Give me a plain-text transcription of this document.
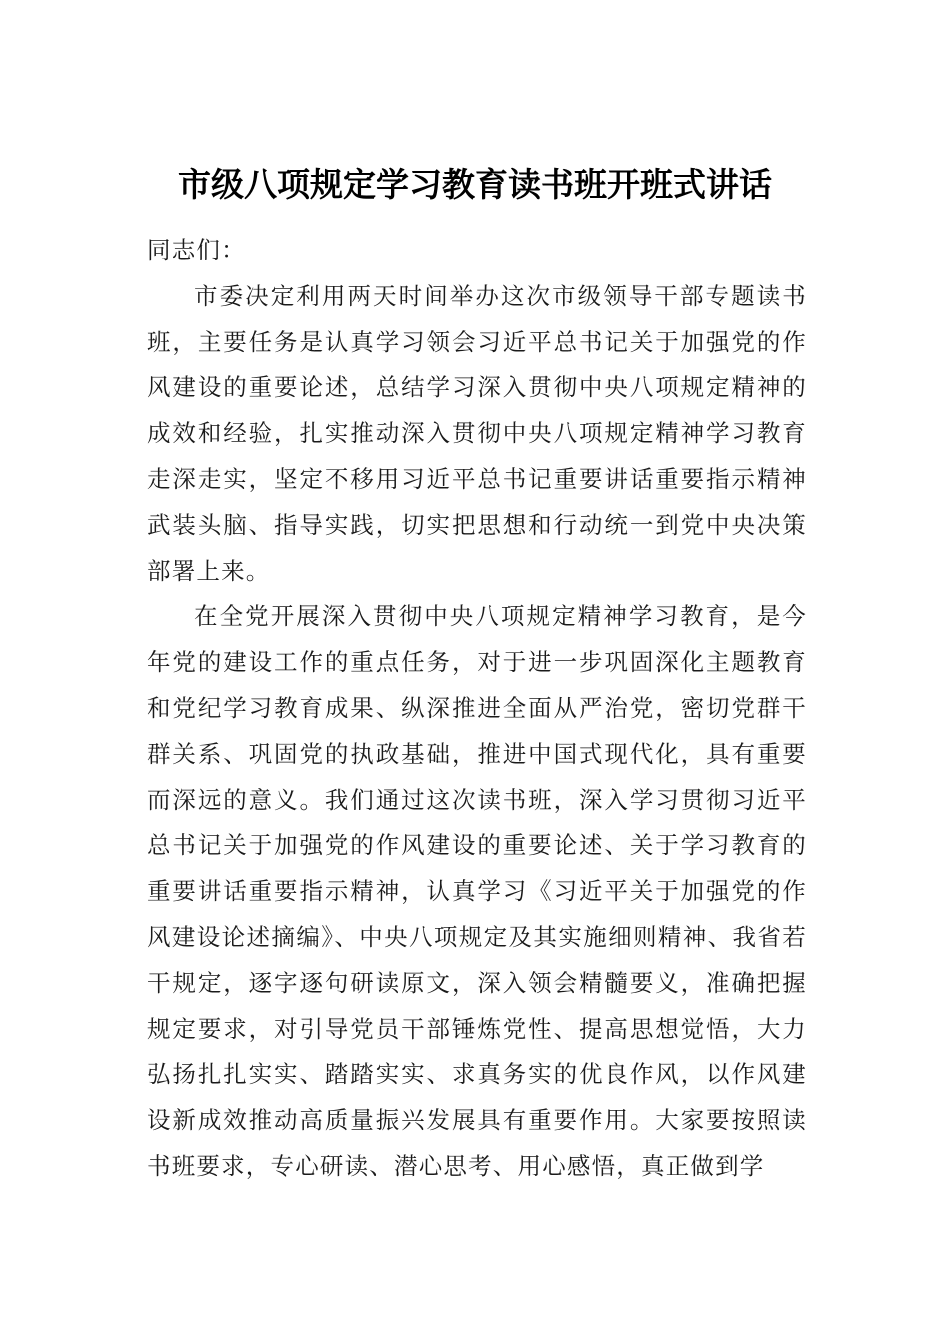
市级八项规定学习教育读书班开班式讲话

同志们：

市委决定利用两天时间举办这次市级领导干部专题读书班，主要任务是认真学习领会习近平总书记关于加强党的作风建设的重要论述，总结学习深入贯彻中央八项规定精神的成效和经验，扎实推动深入贯彻中央八项规定精神学习教育走深走实，坚定不移用习近平总书记重要讲话重要指示精神武装头脑、指导实践，切实把思想和行动统一到党中央决策部署上来。

在全党开展深入贯彻中央八项规定精神学习教育，是今年党的建设工作的重点任务，对于进一步巩固深化主题教育和党纪学习教育成果、纵深推进全面从严治党，密切党群干群关系、巩固党的执政基础，推进中国式现代化，具有重要而深远的意义。我们通过这次读书班，深入学习贯彻习近平总书记关于加强党的作风建设的重要论述、关于学习教育的重要讲话重要指示精神，认真学习《习近平关于加强党的作风建设论述摘编》、中央八项规定及其实施细则精神、我省若干规定，逐字逐句研读原文，深入领会精髓要义，准确把握规定要求，对引导党员干部锤炼党性、提高思想觉悟，大力弘扬扎扎实实、踏踏实实、求真务实的优良作风，以作风建设新成效推动高质量振兴发展具有重要作用。大家要按照读书班要求，专心研读、潜心思考、用心感悟，真正做到学
